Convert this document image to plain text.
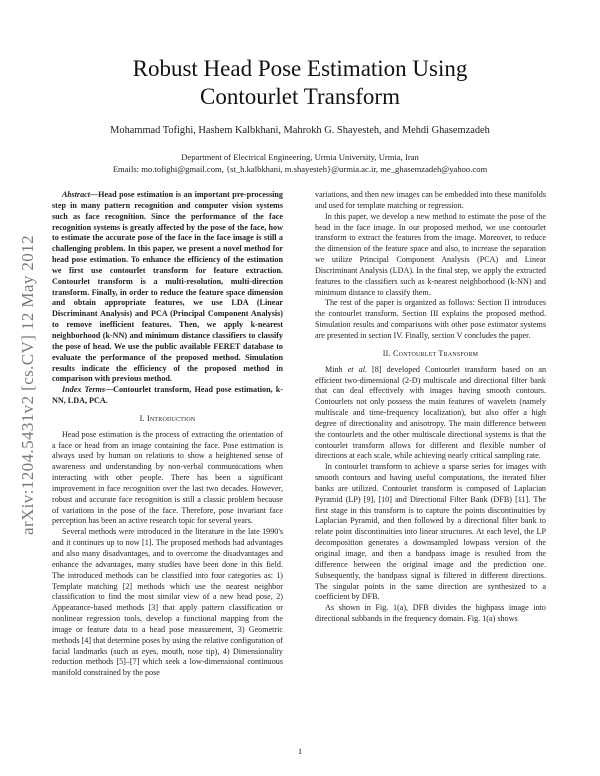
arXiv:1204.5431v2 [cs.CV] 12 May 2012
Robust Head Pose Estimation Using
Contourlet Transform
Mohammad Tofighi, Hashem Kalbkhani, Mahrokh G. Shayesteh, and Mehdi Ghasemzadeh
Department of Electrical Engineering, Urmia University, Urmia, Iran
Emails: mo.tofighi@gmail.com, {st_h.kalbkhani, m.shayesteh}@urmia.ac.ir, me_ghasemzadeh@yahoo.com

Abstract—Head pose estimation is an important pre-processing step in many pattern recognition and computer vision systems such as face recognition. Since the performance of the face recognition systems is greatly affected by the pose of the face, how to estimate the accurate pose of the face in the face image is still a challenging problem. In this paper, we present a novel method for head pose estimation. To enhance the efficiency of the estimation we first use contourlet transform for feature extraction. Contourlet transform is a multi-resolution, multi-direction transform. Finally, in order to reduce the feature space dimension and obtain appropriate features, we use LDA (Linear Discriminant Analysis) and PCA (Principal Component Analysis) to remove inefficient features. Then, we apply k-nearest neighborhood (k-NN) and minimum distance classifiers to classify the pose of head. We use the public available FERET database to evaluate the performance of the proposed method. Simulation results indicate the efficiency of the proposed method in comparison with previous method.

Index Terms—Contourlet transform, Head pose estimation, k-NN, LDA, PCA.

I. Introduction

Head pose estimation is the process of extracting the orientation of a face or head from an image containing the face. Pose estimation is always used by human on relations to show a heightened sense of awareness and understanding by non-verbal communications when interacting with other people. There has been a significant improvement in face recognition over the last two decades. However, robust and accurate face recognition is still a classic problem because of variations in the pose of the face. Therefore, pose invariant face perception has been an active research topic for several years.

Several methods were introduced in the literature in the late 1990's and it continues up to now [1]. The proposed methods had advantages and also many disadvantages, and to overcome the disadvantages and enhance the advantages, many studies have been done in this field. The introduced methods can be classified into four categories as: 1) Template matching [2] methods which use the nearest neighbor classification to find the most similar view of a new head pose, 2) Appearance-based methods [3] that apply pattern classification or nonlinear regression tools, develop a functional mapping from the image or feature data to a head pose measurement, 3) Geometric methods [4] that determine poses by using the relative configuration of facial landmarks (such as eyes, mouth, nose tip), 4) Dimensionality reduction methods [5]–[7] which seek a low-dimensional continuous manifold constrained by the pose

variations, and then new images can be embedded into these manifolds and used for template matching or regression.

In this paper, we develop a new method to estimate the pose of the head in the face image. In our proposed method, we use contourlet transform to extract the features from the image. Moreover, to reduce the dimension of the feature space and also, to increase the separation we utilize Principal Component Analysis (PCA) and Linear Discriminant Analysis (LDA). In the final step, we apply the extracted features to the classifiers such as k-nearest neighborhood (k-NN) and minimum distance to classify them.

The rest of the paper is organized as follows: Section II introduces the contourlet transform. Section III explains the proposed method. Simulation results and comparisons with other pose estimator systems are presented in section IV. Finally, section V concludes the paper.

II. Contourlet Transform

Minh et al. [8] developed Contourlet transform based on an efficient two-dimensional (2-D) multiscale and directional filter bank that can deal effectively with images having smooth contours. Contourlets not only possess the main features of wavelets (namely multiscale and time-frequency localization), but also offer a high degree of directionality and anisotropy. The main difference between the contourlets and the other multiscale directional systems is that the contourlet transform allows for different and flexible number of directions at each scale, while achieving nearly critical sampling rate.

In contourlet transform to achieve a sparse series for images with smooth contours and having useful computations, the iterated filter banks are utilized. Contourlet transform is composed of Laplacian Pyramid (LP) [9], [10] and Directional Filter Bank (DFB) [11]. The first stage in this transform is to capture the points discontinuities by Laplacian Pyramid, and then followed by a directional filter bank to relate point discontinuities into linear structures. At each level, the LP decomposition generates a downsampled lowpass version of the original image, and then a bandpass image is resulted from the difference between the original image and the prediction one. Subsequently, the bandpass signal is filtered in different directions. The singular points in the same direction are synthesized to a coefficient by DFB.

As shown in Fig. 1(a), DFB divides the highpass image into directional subbands in the frequency domain. Fig. 1(a) shows

1
